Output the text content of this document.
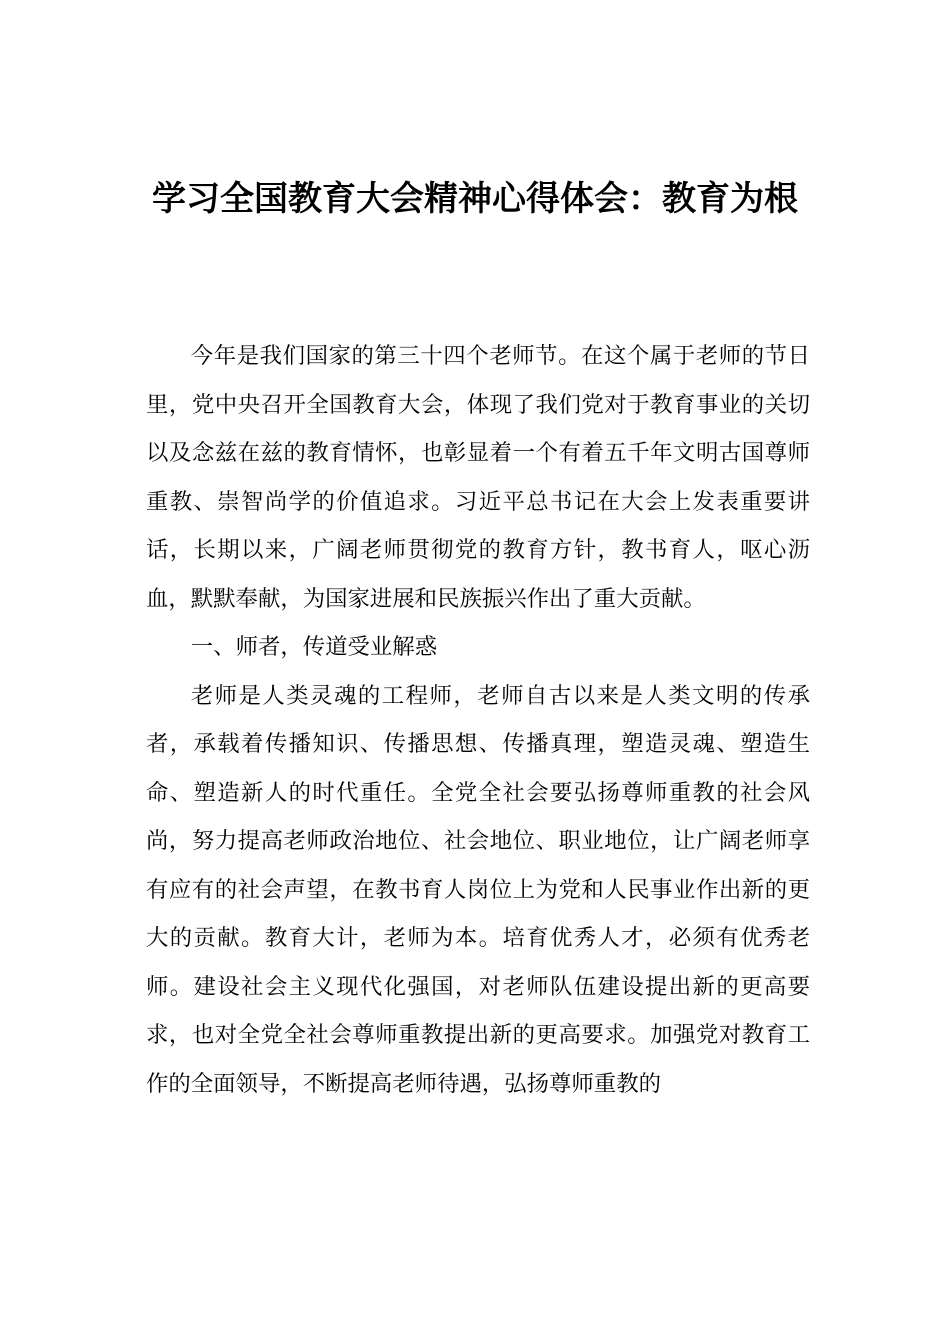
学习全国教育大会精神心得体会：教育为根

今年是我们国家的第三十四个老师节。在这个属于老师的节日里，党中央召开全国教育大会，体现了我们党对于教育事业的关切以及念兹在兹的教育情怀，也彰显着一个有着五千年文明古国尊师重教、崇智尚学的价值追求。习近平总书记在大会上发表重要讲话，长期以来，广阔老师贯彻党的教育方针，教书育人，呕心沥血，默默奉献，为国家进展和民族振兴作出了重大贡献。

一、师者，传道受业解惑

老师是人类灵魂的工程师，老师自古以来是人类文明的传承者，承载着传播知识、传播思想、传播真理，塑造灵魂、塑造生命、塑造新人的时代重任。全党全社会要弘扬尊师重教的社会风尚，努力提高老师政治地位、社会地位、职业地位，让广阔老师享有应有的社会声望，在教书育人岗位上为党和人民事业作出新的更大的贡献。教育大计，老师为本。培育优秀人才，必须有优秀老师。建设社会主义现代化强国，对老师队伍建设提出新的更高要求，也对全党全社会尊师重教提出新的更高要求。加强党对教育工作的全面领导，不断提高老师待遇，弘扬尊师重教的
